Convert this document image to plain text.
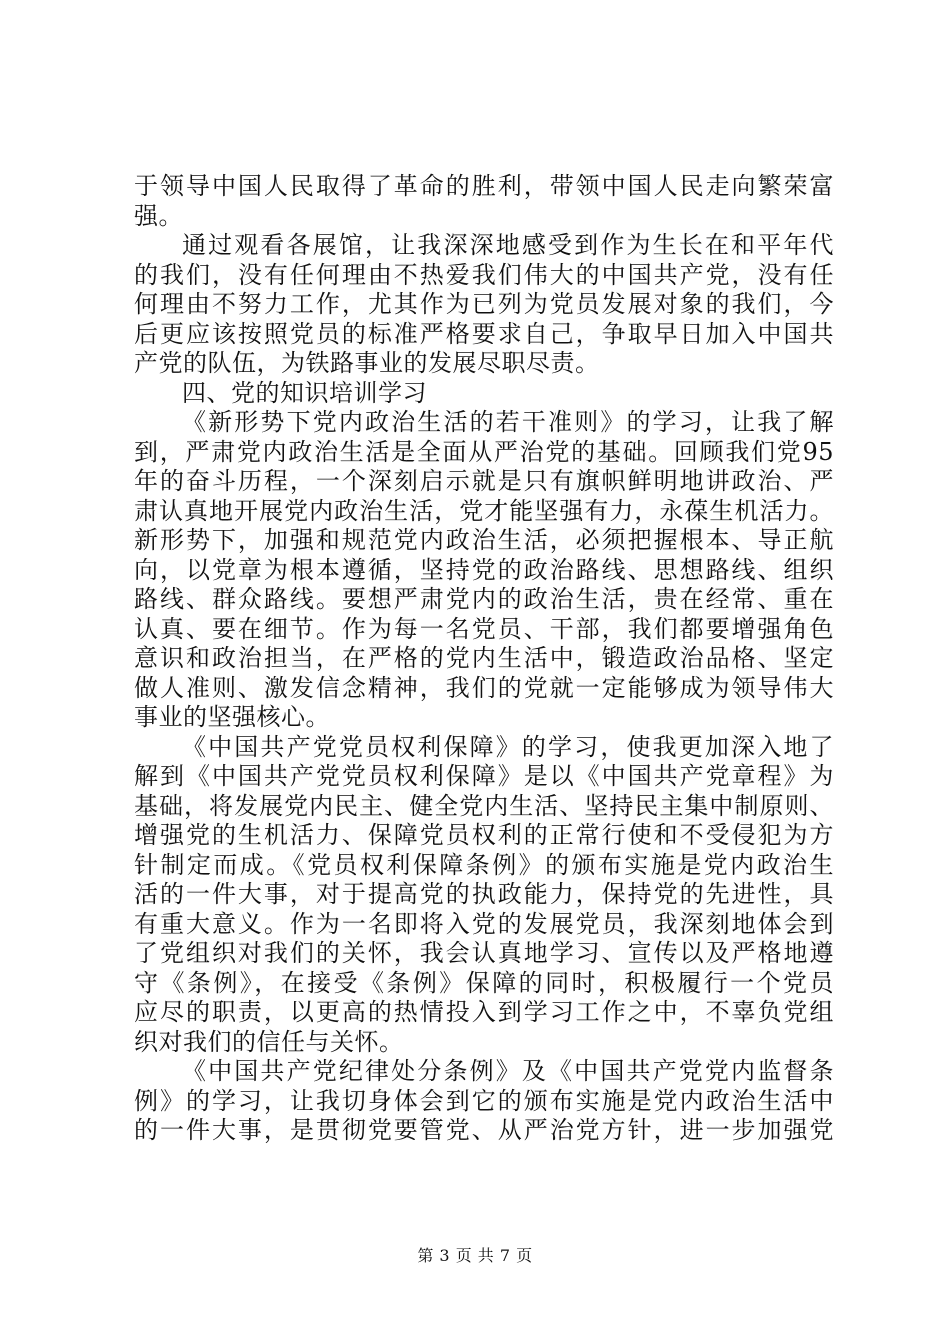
于领导中国人民取得了革命的胜利，带领中国人民走向繁荣富
强。
通过观看各展馆，让我深深地感受到作为生长在和平年代
的我们，没有任何理由不热爱我们伟大的中国共产党，没有任
何理由不努力工作，尤其作为已列为党员发展对象的我们，今
后更应该按照党员的标准严格要求自己，争取早日加入中国共
产党的队伍，为铁路事业的发展尽职尽责。
四、党的知识培训学习
《新形势下党内政治生活的若干准则》的学习，让我了解
到，严肃党内政治生活是全面从严治党的基础。回顾我们党95
年的奋斗历程，一个深刻启示就是只有旗帜鲜明地讲政治、严
肃认真地开展党内政治生活，党才能坚强有力，永葆生机活力。
新形势下，加强和规范党内政治生活，必须把握根本、导正航
向，以党章为根本遵循，坚持党的政治路线、思想路线、组织
路线、群众路线。要想严肃党内的政治生活，贵在经常、重在
认真、要在细节。作为每一名党员、干部，我们都要增强角色
意识和政治担当，在严格的党内生活中，锻造政治品格、坚定
做人准则、激发信念精神，我们的党就一定能够成为领导伟大
事业的坚强核心。
《中国共产党党员权利保障》的学习，使我更加深入地了
解到《中国共产党党员权利保障》是以《中国共产党章程》为
基础，将发展党内民主、健全党内生活、坚持民主集中制原则、
增强党的生机活力、保障党员权利的正常行使和不受侵犯为方
针制定而成。《党员权利保障条例》的颁布实施是党内政治生
活的一件大事，对于提高党的执政能力，保持党的先进性，具
有重大意义。作为一名即将入党的发展党员，我深刻地体会到
了党组织对我们的关怀，我会认真地学习、宣传以及严格地遵
守《条例》，在接受《条例》保障的同时，积极履行一个党员
应尽的职责，以更高的热情投入到学习工作之中，不辜负党组
织对我们的信任与关怀。
《中国共产党纪律处分条例》及《中国共产党党内监督条
例》的学习，让我切身体会到它的颁布实施是党内政治生活中
的一件大事，是贯彻党要管党、从严治党方针，进一步加强党
第 3 页 共 7 页
